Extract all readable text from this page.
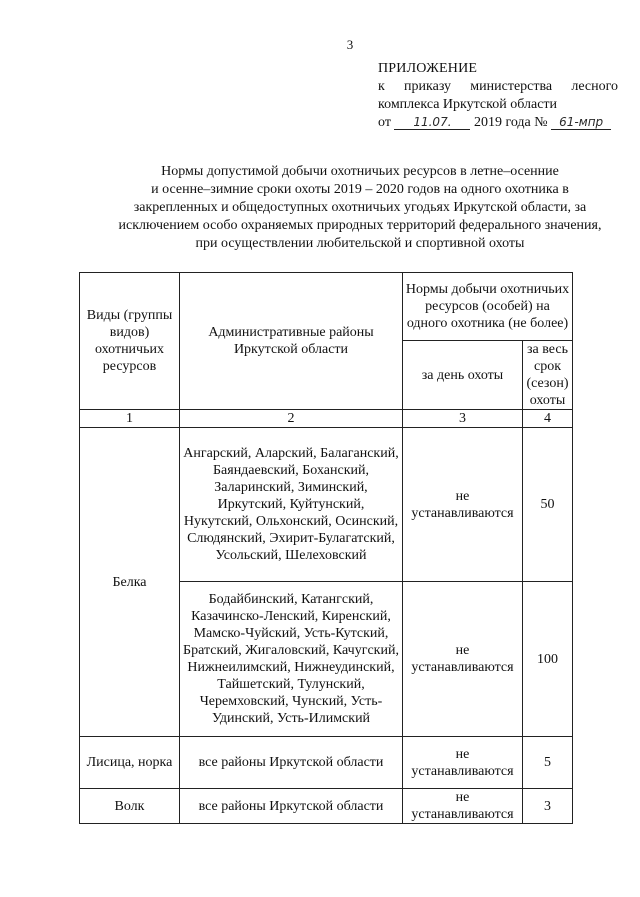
3
ПРИЛОЖЕНИЕ
к приказу министерства лесного
комплекса Иркутской области
от 11.07. 2019 года № 61-мпр
Нормы допустимой добычи охотничьих ресурсов в летне–осенние
и осенне–зимние сроки охоты 2019 – 2020 годов на одного охотника в
закрепленных и общедоступных охотничьих угодьях Иркутской области, за
исключением особо охраняемых природных территорий федерального значения,
при осуществлении любительской и спортивной охоты
Виды (группы видов) охотничьих ресурсов	Административные районы Иркутской области	Нормы добычи охотничьих ресурсов (особей) на одного охотника (не более)	
		за день охоты	за весь срок (сезон) охоты
1	2	3	4
Белка	Ангарский, Аларский, Балаганский, Баяндаевский, Боханский, Заларинский, Зиминский, Иркутский, Куйтунский, Нукутский, Ольхонский, Осинский, Слюдянский, Эхирит-Булагатский, Усольский, Шелеховский	не устанавливаются	50
	Бодайбинский, Катангский, Казачинско-Ленский, Киренский, Мамско-Чуйский, Усть-Кутский, Братский, Жигаловский, Качугский, Нижнеилимский, Нижнеудинский, Тайшетский, Тулунский, Черемховский, Чунский, Усть-Удинский, Усть-Илимский	не устанавливаются	100
Лисица, норка	все районы Иркутской области	не устанавливаются	5
Волк	все районы Иркутской области	не устанавливаются	3
